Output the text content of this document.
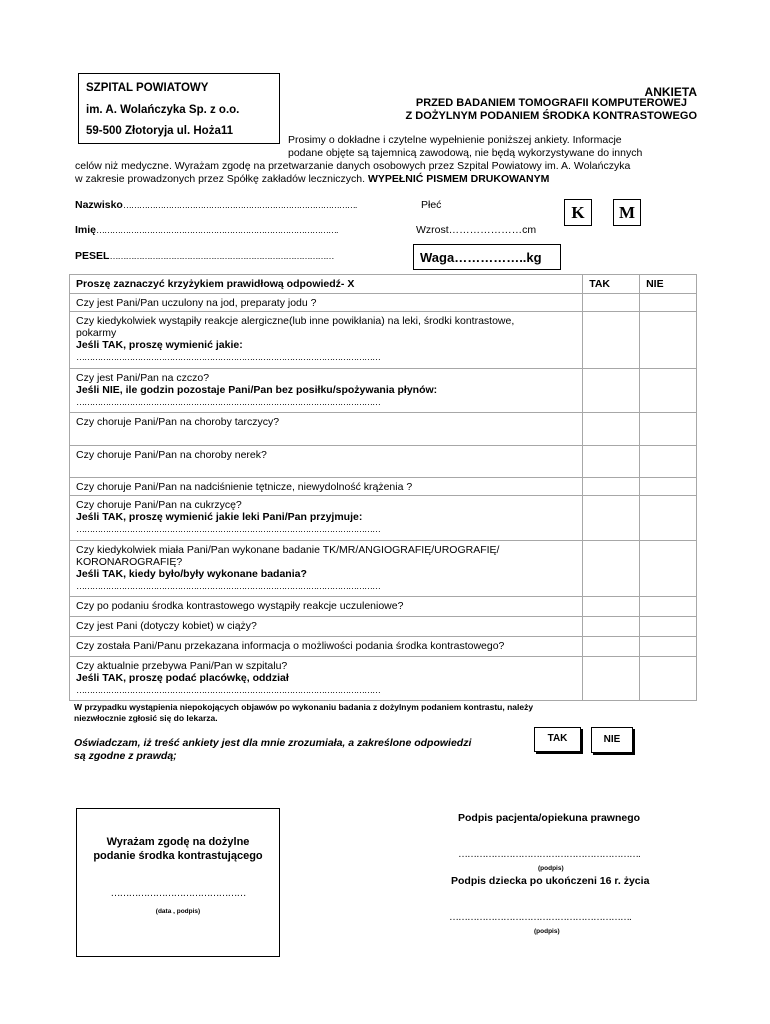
SZPITAL POWIATOWY
im. A. Wolańczyka Sp. z o.o.
59-500 Złotoryja ul. Hoża11
ANKIETA
PRZED BADANIEM TOMOGRAFII KOMPUTEROWEJ
Z DOŻYLNYM PODANIEM ŚRODKA KONTRASTOWEGO
Prosimy o dokładne i czytelne wypełnienie poniższej ankiety. Informacje
podane objęte są tajemnicą zawodową, nie będą wykorzystywane do innych
celów niż medyczne. Wyrażam zgodę na przetwarzanie danych osobowych przez Szpital Powiatowy im. A. Wolańczyka
w zakresie prowadzonych przez Spółkę zakładów leczniczych. WYPEŁNIĆ PISMEM DRUKOWANYM
Nazwisko…………………………………………………………………………….
Imię……………………………………………………………………………….
PESEL…………………………………………………………………………
Płeć
Wzrost…………………cm
K	M
Waga……………..kg
Proszę zaznaczyć krzyżykiem prawidłową odpowiedź- X	TAK	NIE
Czy jest Pani/Pan uczulony na jod, preparaty jodu ?		

Czy kiedykolwiek wystąpiły reakcje alergiczne(lub inne powikłania) na leki, środki kontrastowe,
pokarmy
Jeśli TAK, proszę wymienić jakie:
……………………………………………………………………………………………………		

Czy jest Pani/Pan na czczo?
Jeśli NIE, ile godzin pozostaje Pani/Pan bez posiłku/spożywania płynów:
……………………………………………………………………………………………………		

Czy choruje Pani/Pan na choroby tarczycy?		
Czy choruje Pani/Pan na choroby nerek?		
Czy choruje Pani/Pan na nadciśnienie tętnicze, niewydolność krążenia ?		

Czy choruje Pani/Pan na cukrzycę?
Jeśli TAK, proszę wymienić jakie leki Pani/Pan przyjmuje:
……………………………………………………………………………………………………		

Czy kiedykolwiek miała Pani/Pan wykonane badanie TK/MR/ANGIOGRAFIĘ/UROGRAFIĘ/
KORONAROGRAFIĘ?
Jeśli TAK, kiedy było/były wykonane badania?
……………………………………………………………………………………………………		

Czy po podaniu środka kontrastowego wystąpiły reakcje uczuleniowe?		
Czy jest Pani (dotyczy kobiet) w ciąży?		
Czy została Pani/Panu przekazana informacja o możliwości podania środka kontrastowego?		

Czy aktualnie przebywa Pani/Pan w szpitalu?
Jeśli TAK, proszę podać placówkę, oddział
……………………………………………………………………………………………………		

W przypadku wystąpienia niepokojących objawów po wykonaniu badania z dożylnym podaniem kontrastu, należy
niezwłocznie zgłosić się do lekarza.
Oświadczam, iż treść ankiety jest dla mnie zrozumiała, a zakreślone odpowiedzi
są zgodne z prawdą;
TAK	NIE
Wyrażam zgodę na dożylne
podanie środka kontrastującego
………………………………………
(data , podpis)
Podpis pacjenta/opiekuna prawnego
…………………………………………………….
(podpis)
Podpis dziecka po ukończeni 16 r. życia
…………………………………………………….
(podpis)
